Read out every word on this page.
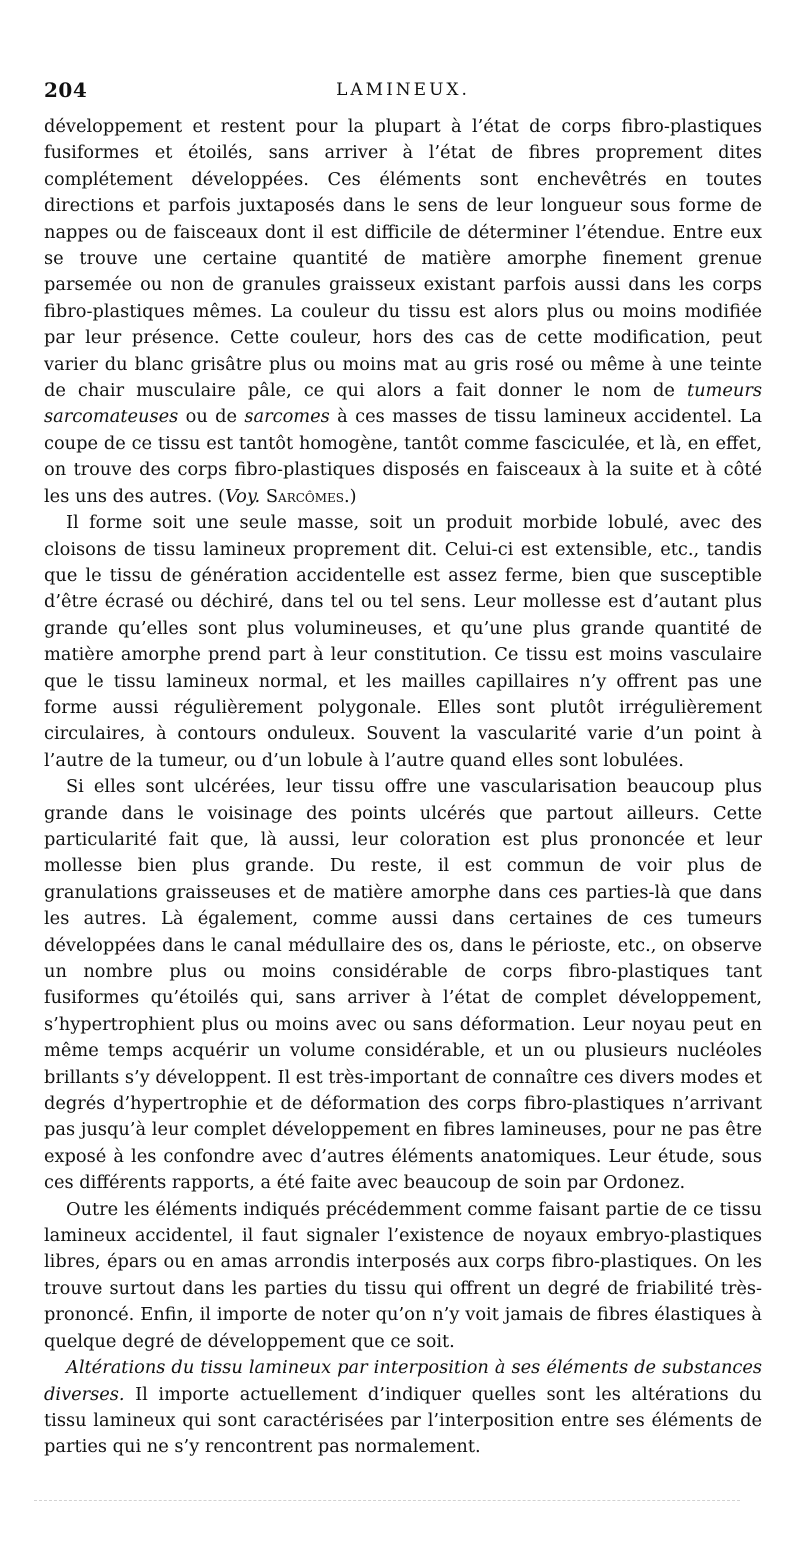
204	LAMINEUX.

développement et restent pour la plupart à l’état de corps fibro-plastiques fusiformes et étoilés, sans arriver à l’état de fibres proprement dites complétement développées. Ces éléments sont enchevêtrés en toutes directions et parfois juxtaposés dans le sens de leur longueur sous forme de nappes ou de faisceaux dont il est difficile de déterminer l’étendue. Entre eux se trouve une certaine quantité de matière amorphe finement grenue parsemée ou non de granules graisseux existant parfois aussi dans les corps fibro-plastiques mêmes. La couleur du tissu est alors plus ou moins modifiée par leur présence. Cette couleur, hors des cas de cette modification, peut varier du blanc grisâtre plus ou moins mat au gris rosé ou même à une teinte de chair musculaire pâle, ce qui alors a fait donner le nom de tumeurs sarcomateuses ou de sarcomes à ces masses de tissu lamineux accidentel. La coupe de ce tissu est tantôt homogène, tantôt comme fasciculée, et là, en effet, on trouve des corps fibro-plastiques disposés en faisceaux à la suite et à côté les uns des autres. (Voy. Sarcômes.)

Il forme soit une seule masse, soit un produit morbide lobulé, avec des cloisons de tissu lamineux proprement dit. Celui-ci est extensible, etc., tandis que le tissu de génération accidentelle est assez ferme, bien que susceptible d’être écrasé ou déchiré, dans tel ou tel sens. Leur mollesse est d’autant plus grande qu’elles sont plus volumineuses, et qu’une plus grande quantité de matière amorphe prend part à leur constitution. Ce tissu est moins vasculaire que le tissu lamineux normal, et les mailles capillaires n’y offrent pas une forme aussi régulièrement polygonale. Elles sont plutôt irrégulièrement circulaires, à contours onduleux. Souvent la vascularité varie d’un point à l’autre de la tumeur, ou d’un lobule à l’autre quand elles sont lobulées.

Si elles sont ulcérées, leur tissu offre une vascularisation beaucoup plus grande dans le voisinage des points ulcérés que partout ailleurs. Cette particularité fait que, là aussi, leur coloration est plus prononcée et leur mollesse bien plus grande. Du reste, il est commun de voir plus de granulations graisseuses et de matière amorphe dans ces parties-là que dans les autres. Là également, comme aussi dans certaines de ces tumeurs développées dans le canal médullaire des os, dans le périoste, etc., on observe un nombre plus ou moins considérable de corps fibro-plastiques tant fusiformes qu’étoilés qui, sans arriver à l’état de complet développement, s’hypertrophient plus ou moins avec ou sans déformation. Leur noyau peut en même temps acquérir un volume considérable, et un ou plusieurs nucléoles brillants s’y développent. Il est très-important de connaître ces divers modes et degrés d’hypertrophie et de déformation des corps fibro-plastiques n’arrivant pas jusqu’à leur complet développement en fibres lamineuses, pour ne pas être exposé à les confondre avec d’autres éléments anatomiques. Leur étude, sous ces différents rapports, a été faite avec beaucoup de soin par Ordonez.

Outre les éléments indiqués précédemment comme faisant partie de ce tissu lamineux accidentel, il faut signaler l’existence de noyaux embryo-plastiques libres, épars ou en amas arrondis interposés aux corps fibro-plastiques. On les trouve surtout dans les parties du tissu qui offrent un degré de friabilité très-prononcé. Enfin, il importe de noter qu’on n’y voit jamais de fibres élastiques à quelque degré de développement que ce soit.

Altérations du tissu lamineux par interposition à ses éléments de substances diverses. Il importe actuellement d’indiquer quelles sont les altérations du tissu lamineux qui sont caractérisées par l’interposition entre ses éléments de parties qui ne s’y rencontrent pas normalement.
